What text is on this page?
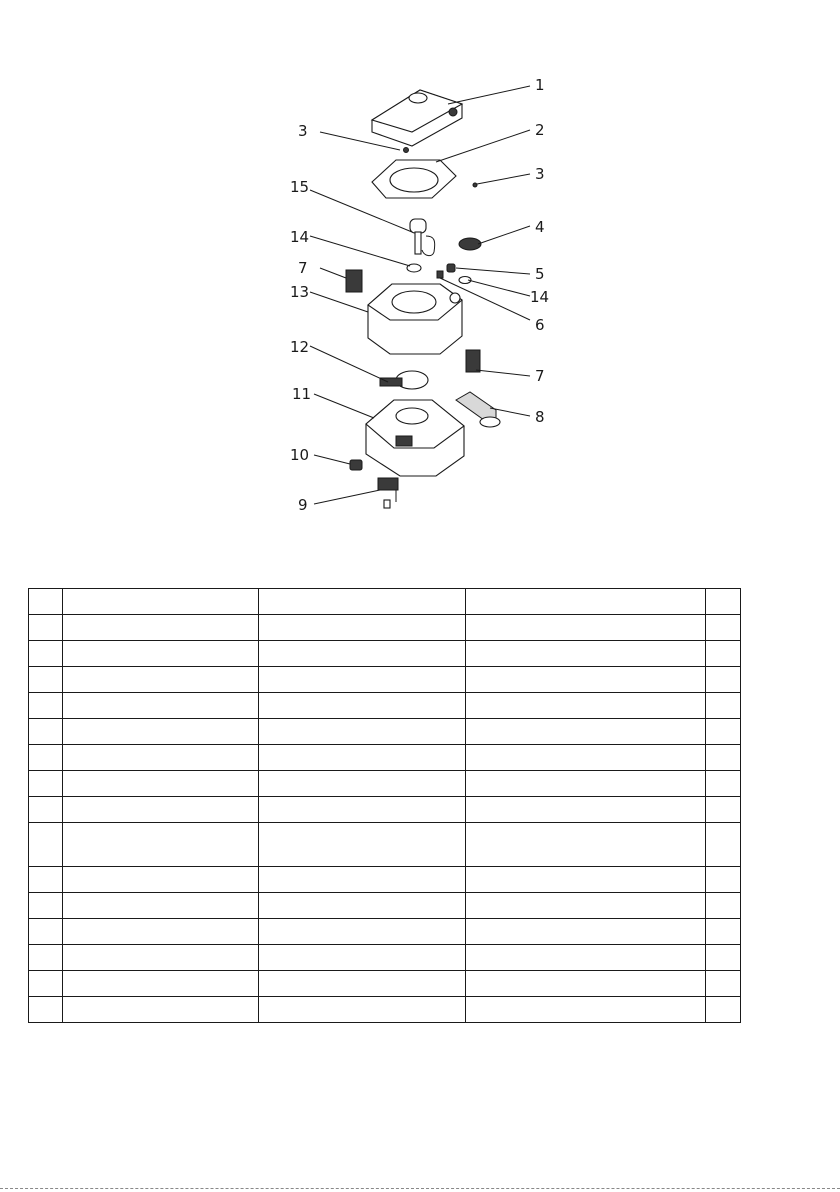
1
2
3
3
15
4
14
5
7
14
13
6
12
7
11
8
10
9
